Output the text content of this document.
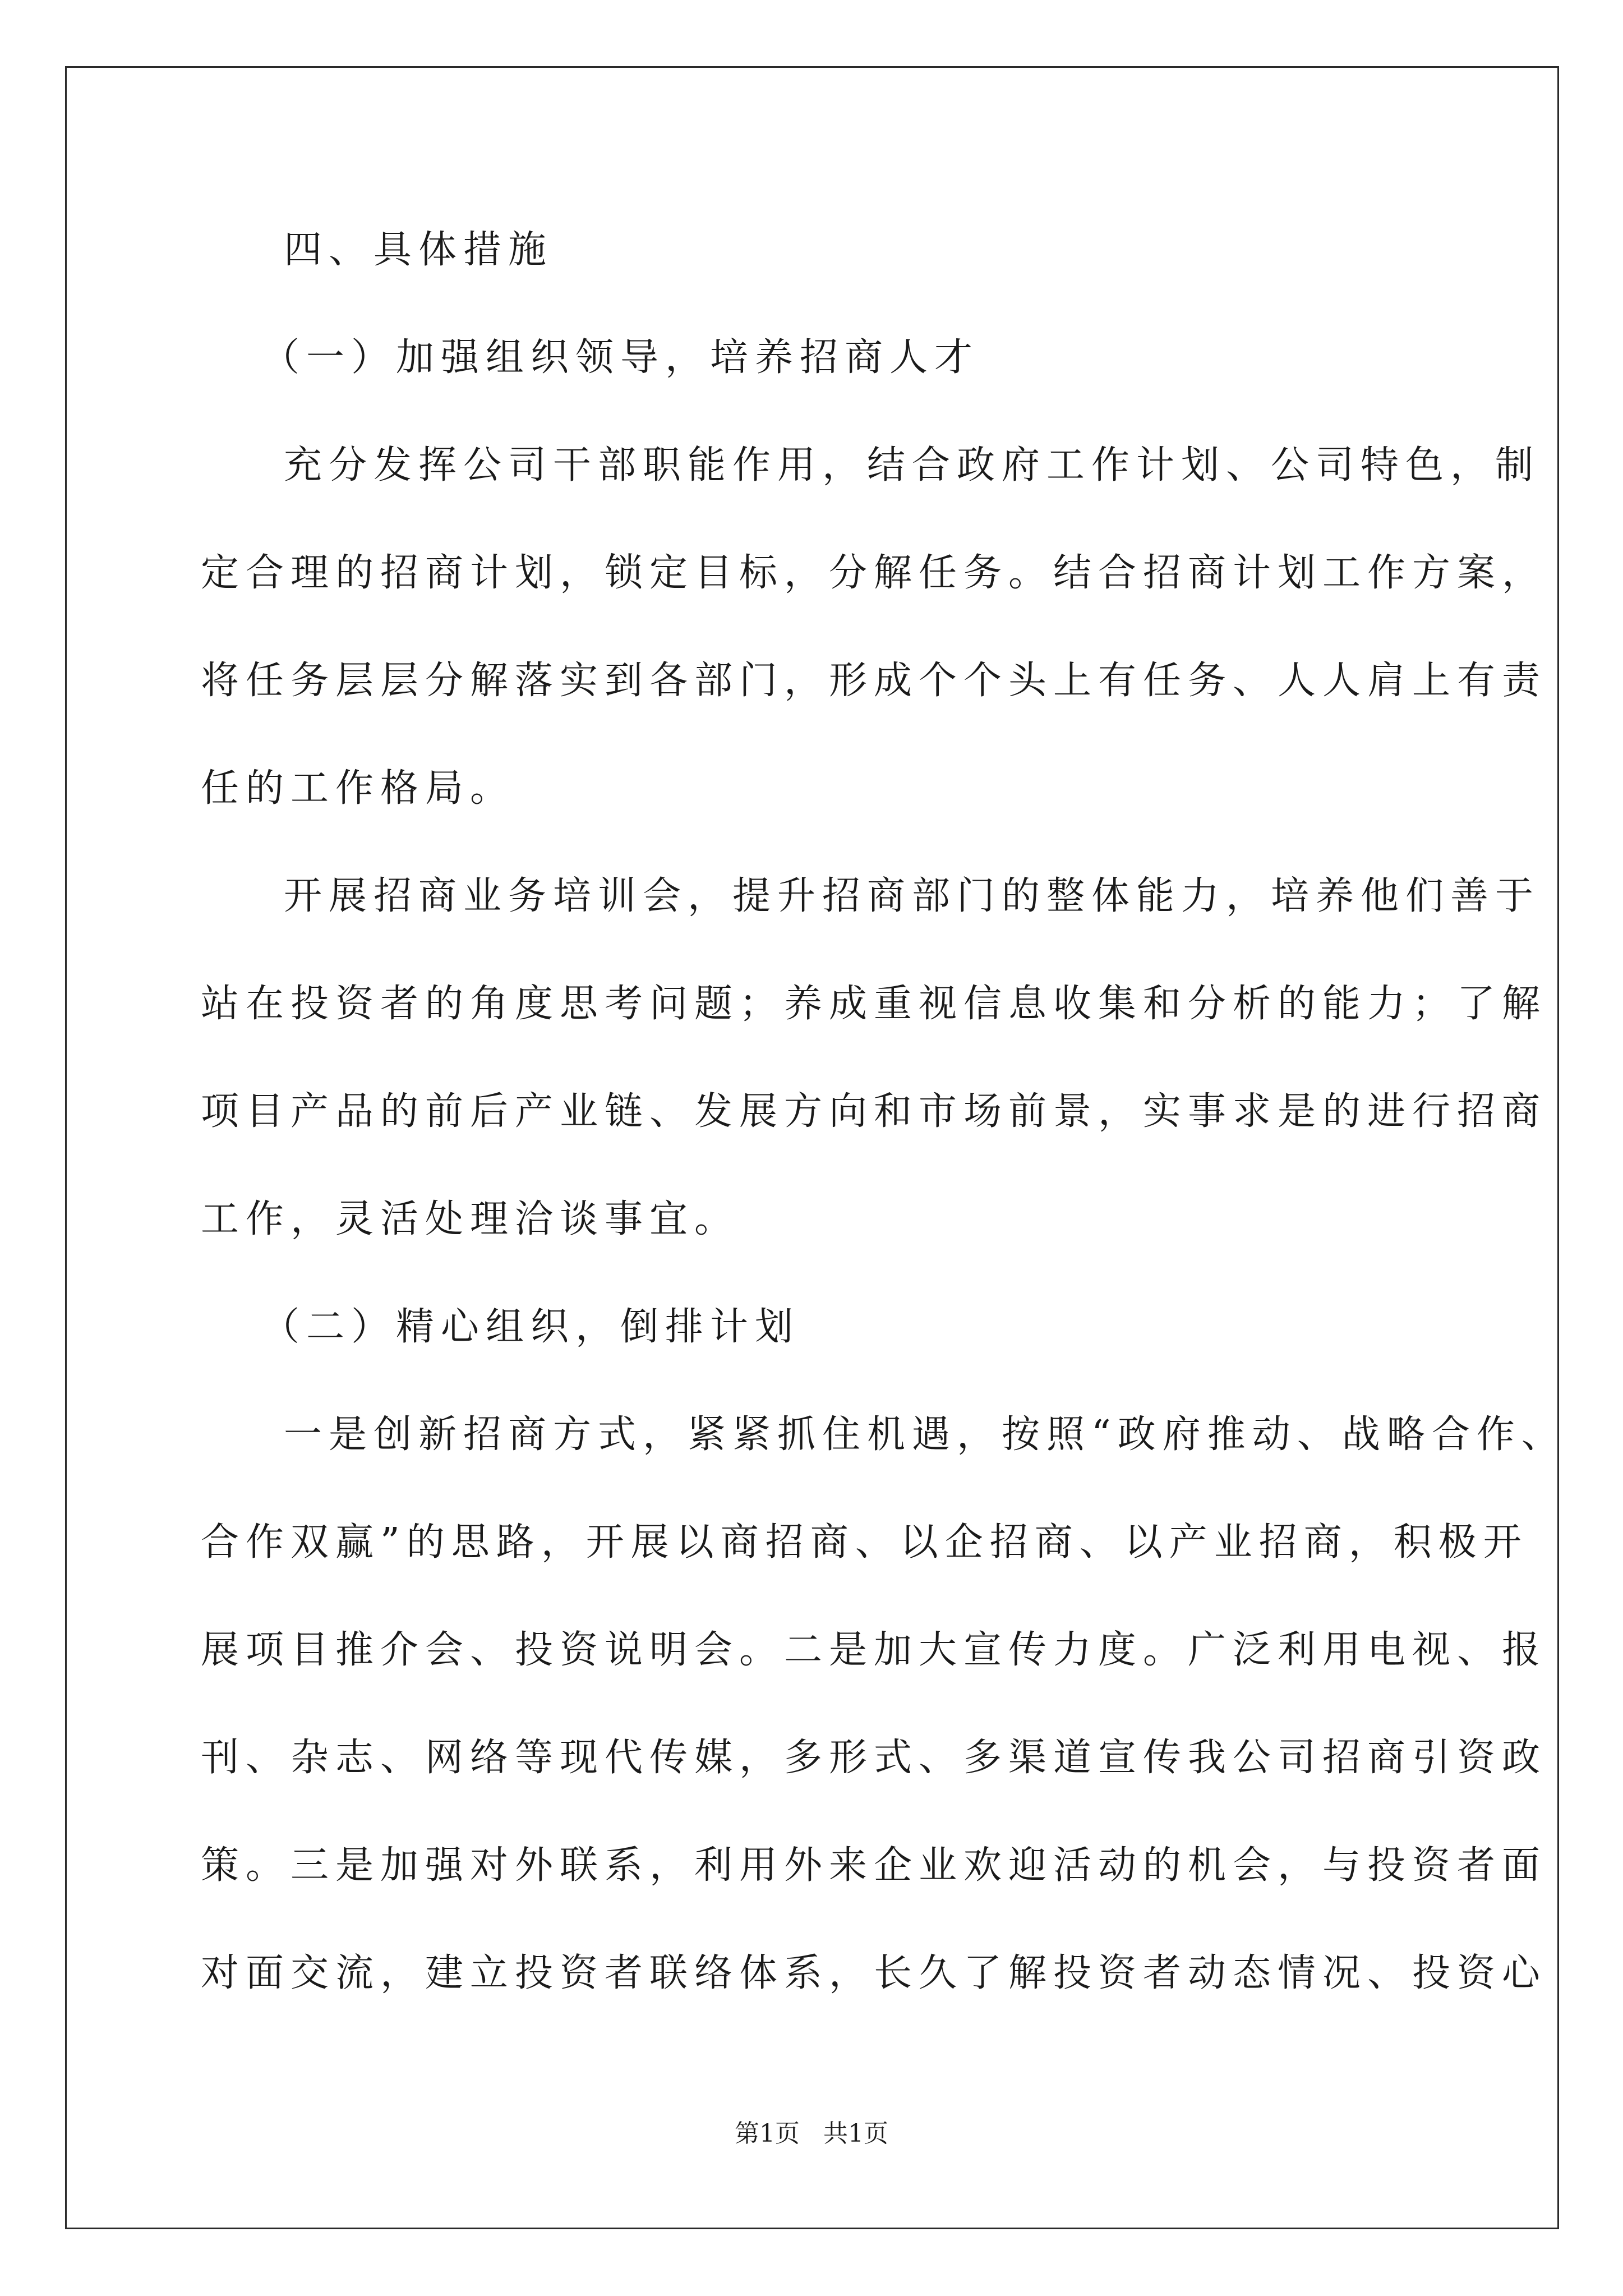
四、具体措施
（一）加强组织领导，培养招商人才
充分发挥公司干部职能作用，结合政府工作计划、公司特色，制
定合理的招商计划，锁定目标，分解任务。结合招商计划工作方案，
将任务层层分解落实到各部门，形成个个头上有任务、人人肩上有责
任的工作格局。
开展招商业务培训会，提升招商部门的整体能力，培养他们善于
站在投资者的角度思考问题；养成重视信息收集和分析的能力；了解
项目产品的前后产业链、发展方向和市场前景，实事求是的进行招商
工作，灵活处理洽谈事宜。
（二）精心组织，倒排计划
一是创新招商方式，紧紧抓住机遇，按照“政府推动、战略合作、
合作双赢”的思路，开展以商招商、以企招商、以产业招商，积极开
展项目推介会、投资说明会。二是加大宣传力度。广泛利用电视、报
刊、杂志、网络等现代传媒，多形式、多渠道宣传我公司招商引资政
策。三是加强对外联系，利用外来企业欢迎活动的机会，与投资者面
对面交流，建立投资者联络体系，长久了解投资者动态情况、投资心
第1页   共1页
